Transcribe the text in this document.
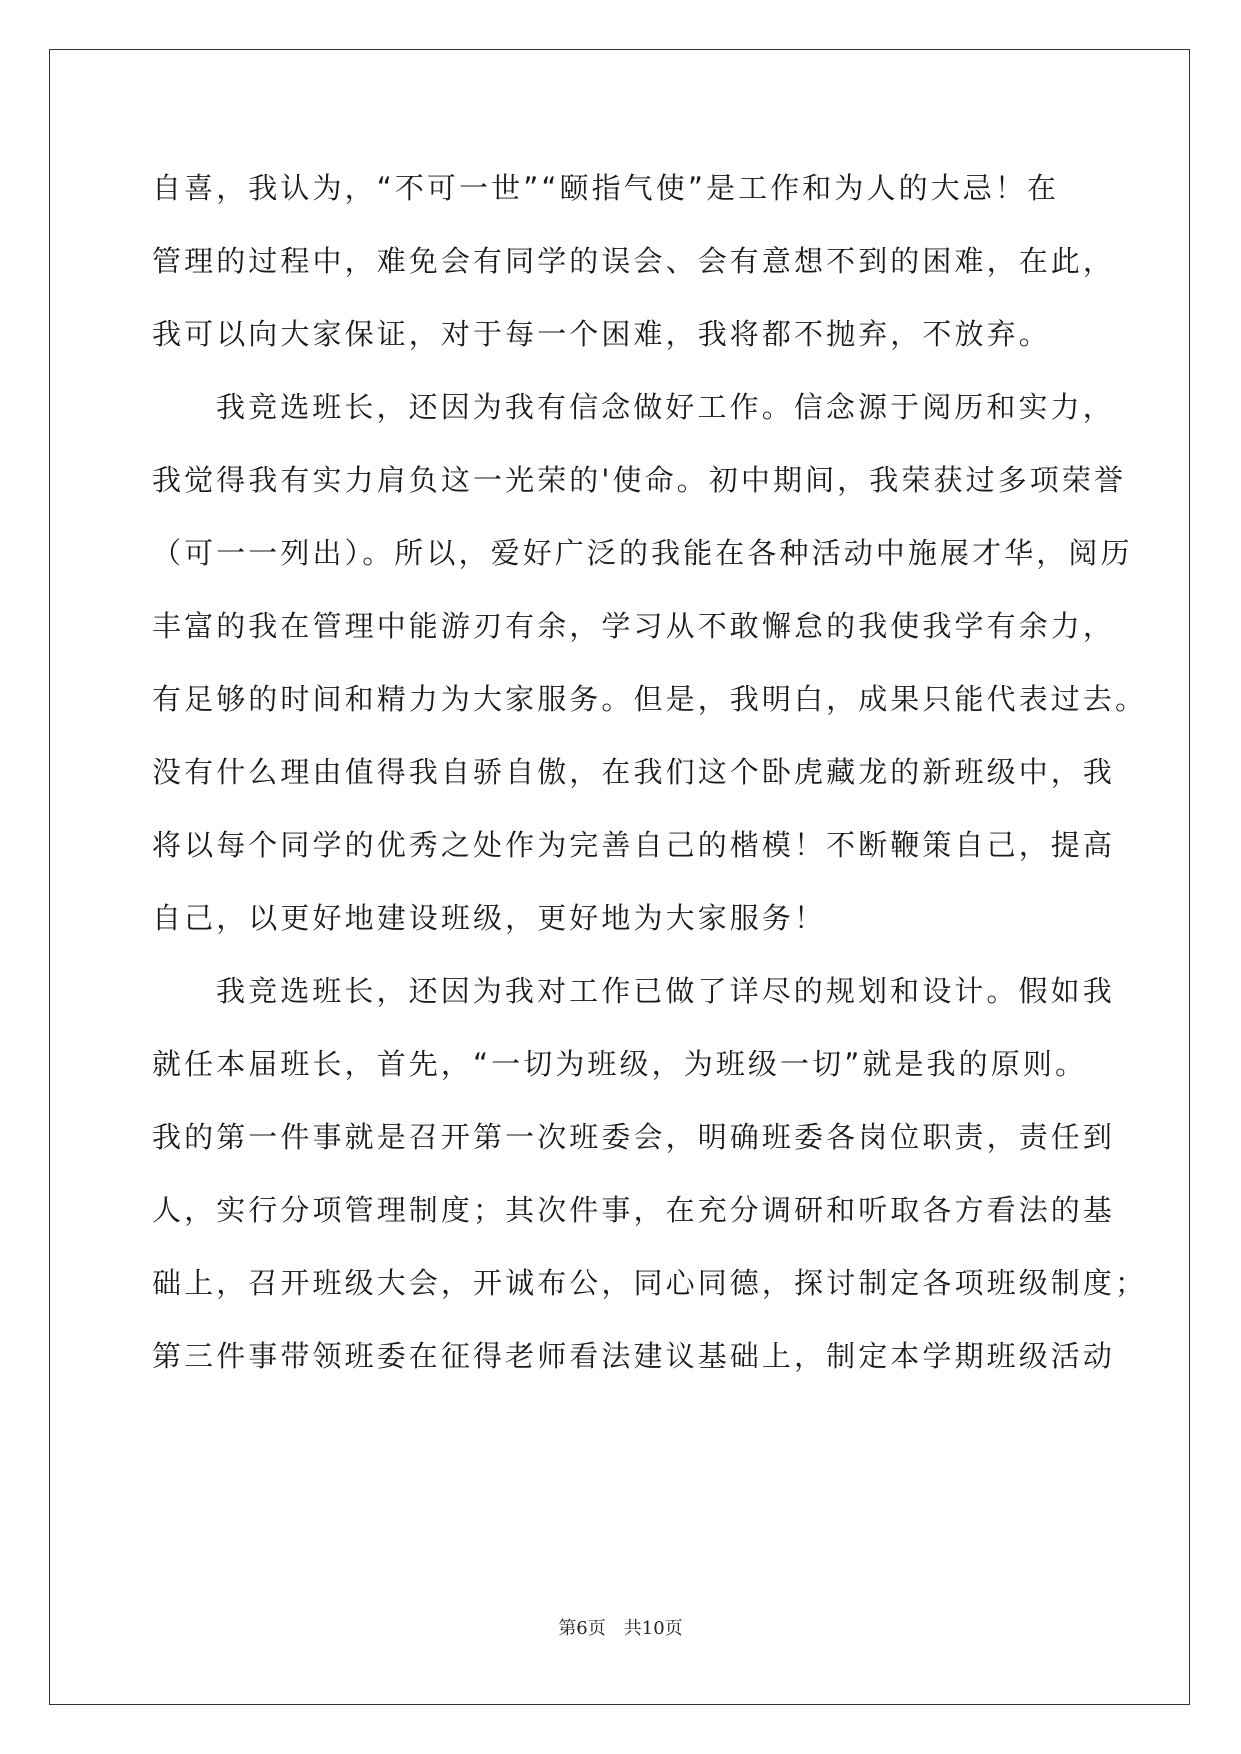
自喜，我认为，“不可一世”“颐指气使”是工作和为人的大忌！在
管理的过程中，难免会有同学的误会、会有意想不到的困难，在此，
我可以向大家保证，对于每一个困难，我将都不抛弃，不放弃。
我竞选班长，还因为我有信念做好工作。信念源于阅历和实力，
我觉得我有实力肩负这一光荣的'使命。初中期间，我荣获过多项荣誉
（可一一列出）。所以，爱好广泛的我能在各种活动中施展才华，阅历
丰富的我在管理中能游刃有余，学习从不敢懈怠的我使我学有余力，
有足够的时间和精力为大家服务。但是，我明白，成果只能代表过去。
没有什么理由值得我自骄自傲，在我们这个卧虎藏龙的新班级中，我
将以每个同学的优秀之处作为完善自己的楷模！不断鞭策自己，提高
自己，以更好地建设班级，更好地为大家服务！
我竞选班长，还因为我对工作已做了详尽的规划和设计。假如我
就任本届班长，首先，“一切为班级，为班级一切”就是我的原则。
我的第一件事就是召开第一次班委会，明确班委各岗位职责，责任到
人，实行分项管理制度；其次件事，在充分调研和听取各方看法的基
础上，召开班级大会，开诚布公，同心同德，探讨制定各项班级制度；
第三件事带领班委在征得老师看法建议基础上，制定本学期班级活动
第6页 共10页
